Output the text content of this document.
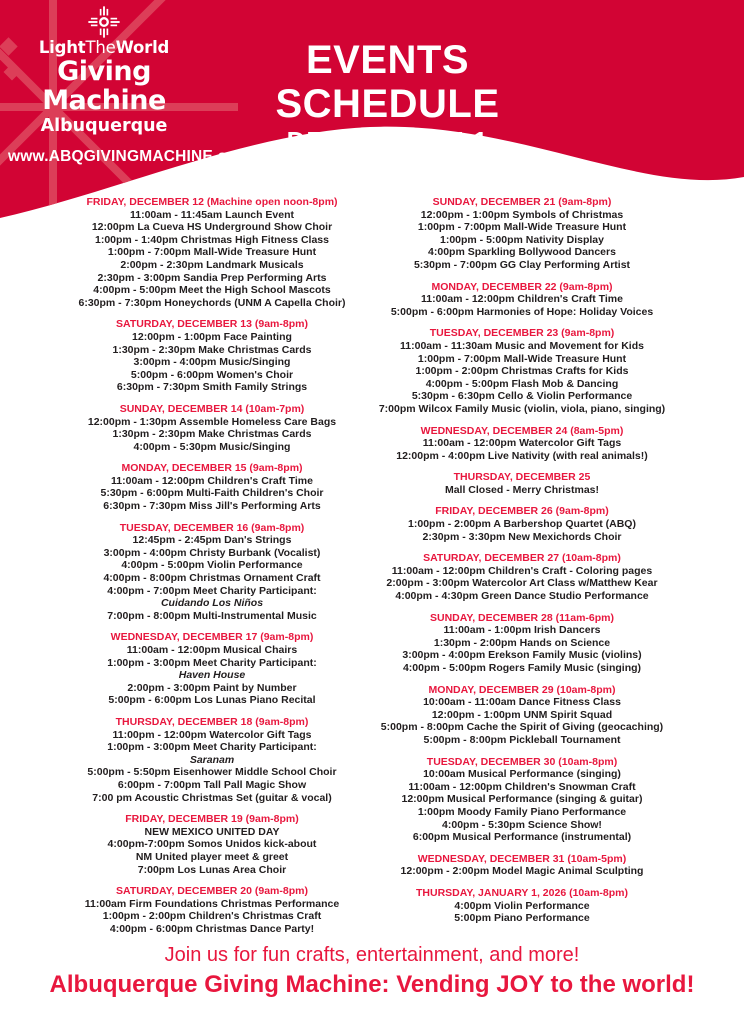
LightTheWorld
Giving
Machine
Albuquerque
www.ABQGIVINGMACHINE.org
EVENTS SCHEDULE
DEC 12 - JAN 1
FRIDAY, DECEMBER 12 (Machine open noon-8pm)

11:00am - 11:45am Launch Event

12:00pm La Cueva HS Underground Show Choir

1:00pm - 1:40pm Christmas High Fitness Class

1:00pm - 7:00pm Mall-Wide Treasure Hunt

2:00pm - 2:30pm Landmark Musicals

2:30pm - 3:00pm Sandia Prep Performing Arts

4:00pm - 5:00pm Meet the High School Mascots

6:30pm - 7:30pm Honeychords (UNM A Capella Choir)

SATURDAY, DECEMBER 13 (9am-8pm)

12:00pm - 1:00pm Face Painting

1:30pm - 2:30pm Make Christmas Cards

3:00pm - 4:00pm Music/Singing

5:00pm - 6:00pm Women's Choir

6:30pm - 7:30pm Smith Family Strings

SUNDAY, DECEMBER 14 (10am-7pm)

12:00pm - 1:30pm Assemble Homeless Care Bags

1:30pm - 2:30pm Make Christmas Cards

4:00pm - 5:30pm Music/Singing

MONDAY, DECEMBER 15 (9am-8pm)

11:00am - 12:00pm Children's Craft Time

5:30pm - 6:00pm Multi-Faith Children's Choir

6:30pm - 7:30pm Miss Jill's Performing Arts

TUESDAY, DECEMBER 16 (9am-8pm)

12:45pm - 2:45pm Dan's Strings

3:00pm - 4:00pm Christy Burbank (Vocalist)

4:00pm - 5:00pm Violin Performance

4:00pm - 8:00pm Christmas Ornament Craft

4:00pm - 7:00pm Meet Charity Participant:

Cuidando Los Niños

7:00pm - 8:00pm Multi-Instrumental Music

WEDNESDAY, DECEMBER 17 (9am-8pm)

11:00am - 12:00pm Musical Chairs

1:00pm - 3:00pm Meet Charity Participant:

Haven House

2:00pm - 3:00pm Paint by Number

5:00pm - 6:00pm Los Lunas Piano Recital

THURSDAY, DECEMBER 18 (9am-8pm)

11:00pm - 12:00pm Watercolor Gift Tags

1:00pm - 3:00pm Meet Charity Participant:

Saranam

5:00pm - 5:50pm Eisenhower Middle School Choir

6:00pm - 7:00pm Tall Pall Magic Show

7:00 pm Acoustic Christmas Set (guitar & vocal)

FRIDAY, DECEMBER 19 (9am-8pm)

NEW MEXICO UNITED DAY

4:00pm-7:00pm Somos Unidos kick-about

NM United player meet & greet

7:00pm Los Lunas Area Choir

SATURDAY, DECEMBER 20 (9am-8pm)

11:00am Firm Foundations Christmas Performance

1:00pm - 2:00pm Children's Christmas Craft

4:00pm - 6:00pm Christmas Dance Party!

SUNDAY, DECEMBER 21 (9am-8pm)

12:00pm - 1:00pm Symbols of Christmas

1:00pm - 7:00pm Mall-Wide Treasure Hunt

1:00pm - 5:00pm Nativity Display

4:00pm Sparkling Bollywood Dancers

5:30pm - 7:00pm GG Clay Performing Artist

MONDAY, DECEMBER 22 (9am-8pm)

11:00am - 12:00pm Children's Craft Time

5:00pm - 6:00pm Harmonies of Hope: Holiday Voices

TUESDAY, DECEMBER 23 (9am-8pm)

11:00am - 11:30am Music and Movement for Kids

1:00pm - 7:00pm Mall-Wide Treasure Hunt

1:00pm - 2:00pm Christmas Crafts for Kids

4:00pm - 5:00pm Flash Mob & Dancing

5:30pm - 6:30pm Cello & Violin Performance

7:00pm Wilcox Family Music (violin, viola, piano, singing)

WEDNESDAY, DECEMBER 24 (8am-5pm)

11:00am - 12:00pm Watercolor Gift Tags

12:00pm - 4:00pm Live Nativity (with real animals!)

THURSDAY, DECEMBER 25

Mall Closed - Merry Christmas!

FRIDAY, DECEMBER 26 (9am-8pm)

1:00pm - 2:00pm A Barbershop Quartet (ABQ)

2:30pm - 3:30pm New Mexichords Choir

SATURDAY, DECEMBER 27 (10am-8pm)

11:00am - 12:00pm Children's Craft - Coloring pages

2:00pm - 3:00pm Watercolor Art Class w/Matthew Kear

4:00pm - 4:30pm Green Dance Studio Performance

SUNDAY, DECEMBER 28 (11am-6pm)

11:00am - 1:00pm Irish Dancers

1:30pm - 2:00pm Hands on Science

3:00pm - 4:00pm Erekson Family Music (violins)

4:00pm - 5:00pm Rogers Family Music (singing)

MONDAY, DECEMBER 29 (10am-8pm)

10:00am - 11:00am Dance Fitness Class

12:00pm - 1:00pm UNM Spirit Squad

5:00pm - 8:00pm Cache the Spirit of Giving (geocaching)

5:00pm - 8:00pm Pickleball Tournament

TUESDAY, DECEMBER 30 (10am-8pm)

10:00am Musical Performance (singing)

11:00am - 12:00pm Children's Snowman Craft

12:00pm Musical Performance (singing & guitar)

1:00pm Moody Family Piano Performance

4:00pm - 5:30pm Science Show!

6:00pm Musical Performance (instrumental)

WEDNESDAY, DECEMBER 31 (10am-5pm)

12:00pm - 2:00pm Model Magic Animal Sculpting

THURSDAY, JANUARY 1, 2026 (10am-8pm)

4:00pm Violin Performance

5:00pm Piano Performance

Join us for fun crafts, entertainment, and more!

Albuquerque Giving Machine: Vending JOY to the world!
